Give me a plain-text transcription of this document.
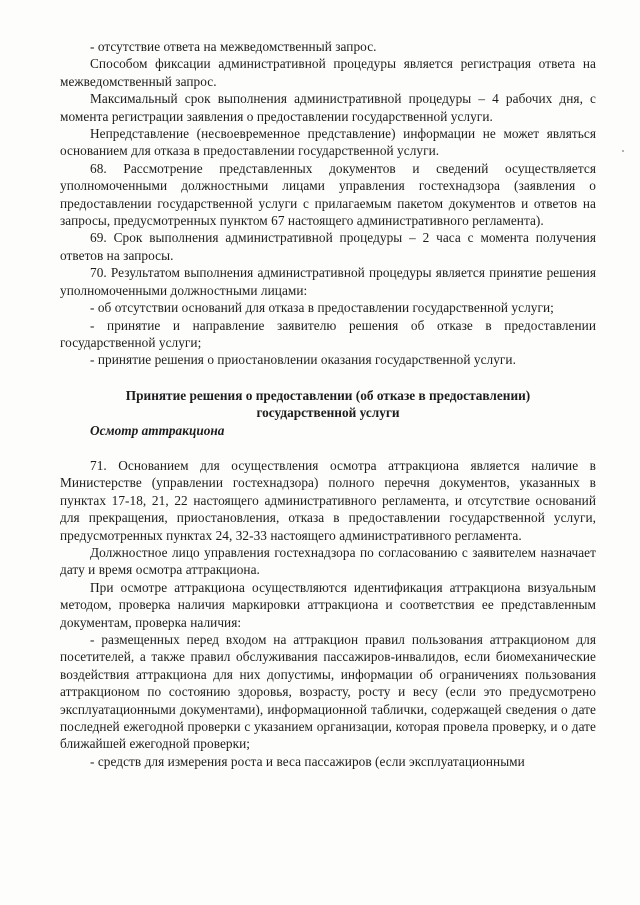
- отсутствие ответа на межведомственный запрос.

Способом фиксации административной процедуры является регистрация ответа на межведомственный запрос.

Максимальный срок выполнения административной процедуры – 4 рабочих дня, с момента регистрации заявления о предоставлении государственной услуги.

Непредставление (несвоевременное представление) информации не может являться основанием для отказа в предоставлении государственной услуги.

68. Рассмотрение представленных документов и сведений осуществляется уполномоченными должностными лицами управления гостехнадзора (заявления о предоставлении государственной услуги с прилагаемым пакетом документов и ответов на запросы, предусмотренных пунктом 67 настоящего административного регламента).

69. Срок выполнения административной процедуры – 2 часа с момента получения ответов на запросы.

70. Результатом выполнения административной процедуры является принятие решения уполномоченными должностными лицами:

- об отсутствии оснований для отказа в предоставлении государственной услуги;

- принятие и направление заявителю решения об отказе в предоставлении государственной услуги;

- принятие решения о приостановлении оказания государственной услуги.

Принятие решения о предоставлении (об отказе в предоставлении) государственной услуги

Осмотр аттракциона

71. Основанием для осуществления осмотра аттракциона является наличие в Министерстве (управлении гостехнадзора) полного перечня документов, указанных в пунктах 17-18, 21, 22 настоящего административного регламента, и отсутствие оснований для прекращения, приостановления, отказа в предоставлении государственной услуги, предусмотренных пунктах 24, 32-33 настоящего административного регламента.

Должностное лицо управления гостехнадзора по согласованию с заявителем назначает дату и время осмотра аттракциона.

При осмотре аттракциона осуществляются идентификация аттракциона визуальным методом, проверка наличия маркировки аттракциона и соответствия ее представленным документам, проверка наличия:

- размещенных перед входом на аттракцион правил пользования аттракционом для посетителей, а также правил обслуживания пассажиров-инвалидов, если биомеханические воздействия аттракциона для них допустимы, информации об ограничениях пользования аттракционом по состоянию здоровья, возрасту, росту и весу (если это предусмотрено эксплуатационными документами), информационной таблички, содержащей сведения о дате последней ежегодной проверки с указанием организации, которая провела проверку, и о дате ближайшей ежегодной проверки;

- средств для измерения роста и веса пассажиров (если эксплуатационными
